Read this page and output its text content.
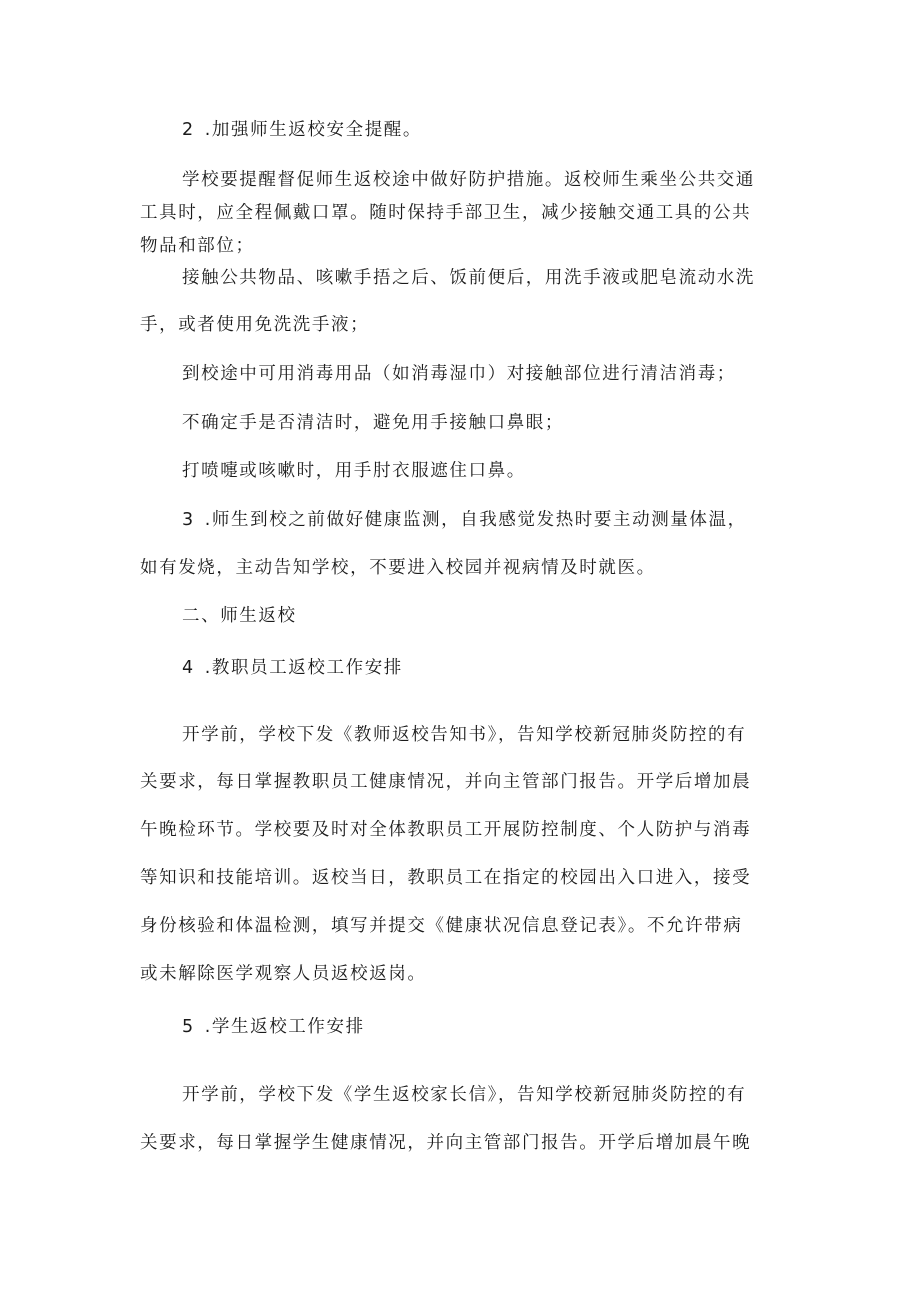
2 .加强师生返校安全提醒。
学校要提醒督促师生返校途中做好防护措施。返校师生乘坐公共交通
工具时，应全程佩戴口罩。随时保持手部卫生，减少接触交通工具的公共
物品和部位；
接触公共物品、咳嗽手捂之后、饭前便后，用洗手液或肥皂流动水洗
手，或者使用免洗洗手液；
到校途中可用消毒用品（如消毒湿巾）对接触部位进行清洁消毒；
不确定手是否清洁时，避免用手接触口鼻眼；
打喷嚏或咳嗽时，用手肘衣服遮住口鼻。
3 .师生到校之前做好健康监测，自我感觉发热时要主动测量体温，
如有发烧，主动告知学校，不要进入校园并视病情及时就医。
二、师生返校
4 .教职员工返校工作安排
开学前，学校下发《教师返校告知书》，告知学校新冠肺炎防控的有
关要求，每日掌握教职员工健康情况，并向主管部门报告。开学后增加晨
午晚检环节。学校要及时对全体教职员工开展防控制度、个人防护与消毒
等知识和技能培训。返校当日，教职员工在指定的校园出入口进入，接受
身份核验和体温检测，填写并提交《健康状况信息登记表》。不允许带病
或未解除医学观察人员返校返岗。
5 .学生返校工作安排
开学前，学校下发《学生返校家长信》，告知学校新冠肺炎防控的有
关要求，每日掌握学生健康情况，并向主管部门报告。开学后增加晨午晚
